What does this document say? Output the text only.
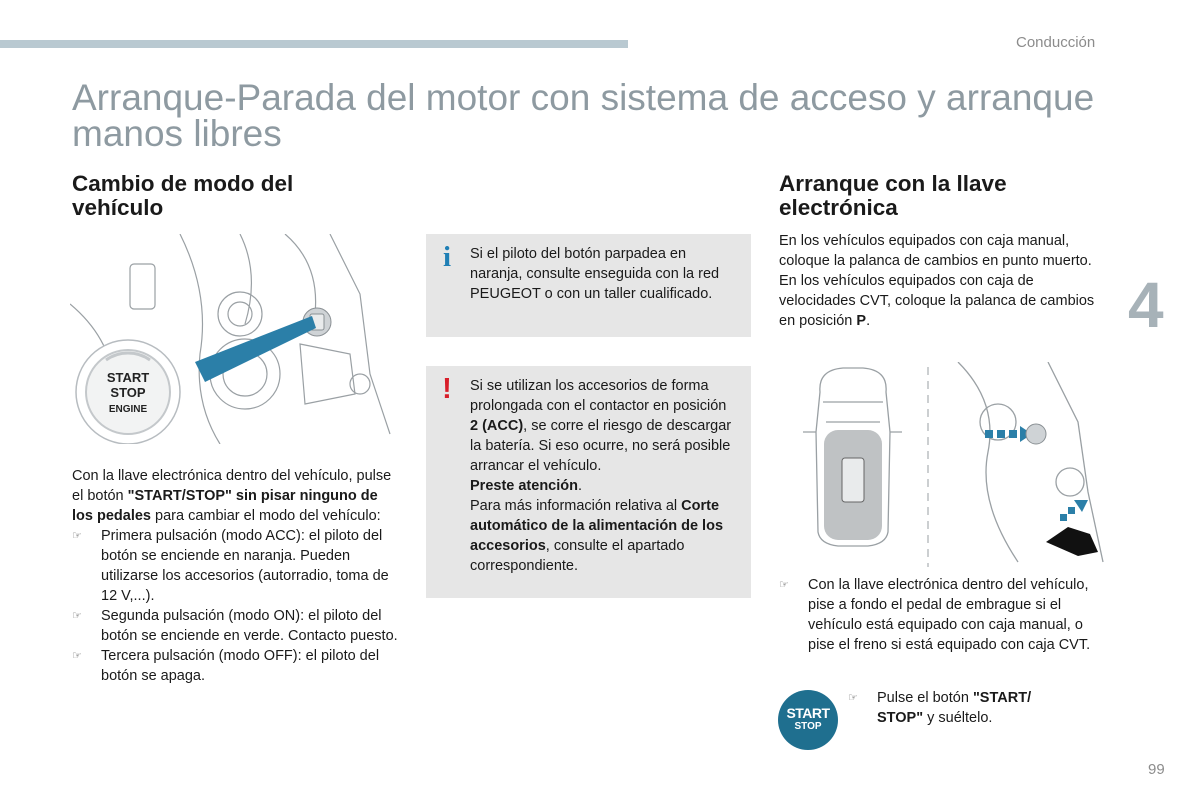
Conducción
Arranque-Parada del motor con sistema de acceso y arranque manos libres
4
99
Cambio de modo del vehículo
START
STOP
ENGINE

Con la llave electrónica dentro del vehículo, pulse el botón "START/STOP" sin pisar ninguno de los pedales para cambiar el modo del vehículo:

☞ Primera pulsación (modo ACC): el piloto del botón se enciende en naranja. Pueden utilizarse los accesorios (autorradio, toma de 12 V,...).
☞ Segunda pulsación (modo ON): el piloto del botón se enciende en verde. Contacto puesto.
☞ Tercera pulsación (modo OFF): el piloto del botón se apaga.
i Si el piloto del botón parpadea en naranja, consulte enseguida con la red PEUGEOT o con un taller cualificado.
! Si se utilizan los accesorios de forma prolongada con el contactor en posición 2 (ACC), se corre el riesgo de descargar la batería. Si eso ocurre, no será posible arrancar el vehículo.

Preste atención.

Para más información relativa al Corte automático de la alimentación de los accesorios, consulte el apartado correspondiente.

Arranque con la llave electrónica

En los vehículos equipados con caja manual, coloque la palanca de cambios en punto muerto.

En los vehículos equipados con caja de velocidades CVT, coloque la palanca de cambios en posición P.

☞ Con la llave electrónica dentro del vehículo, pise a fondo el pedal de embrague si el vehículo está equipado con caja manual, o pise el freno si está equipado con caja CVT.
START
STOP
☞ Pulse el botón "START/ STOP" y suéltelo.
